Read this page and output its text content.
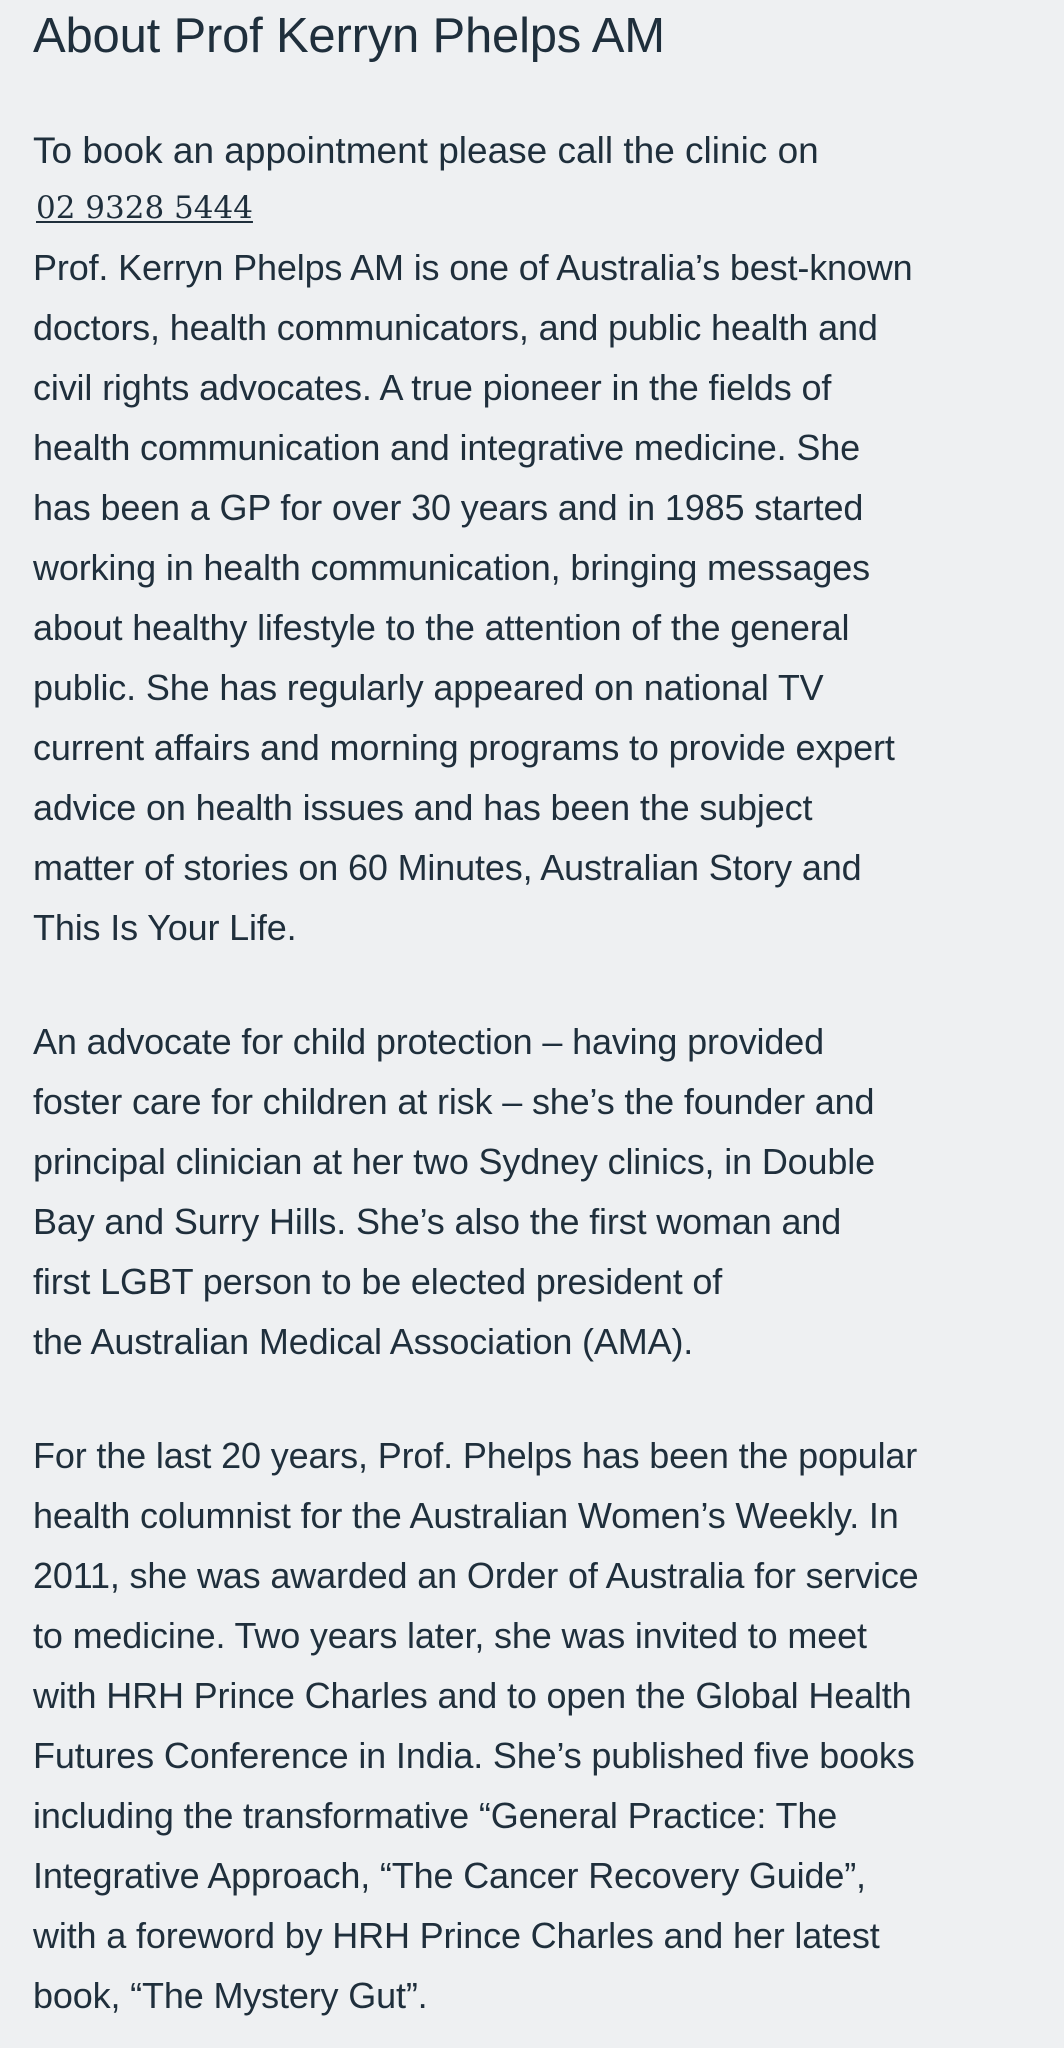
About Prof Kerryn Phelps AM
To book an appointment please call the clinic on
02 9328 5444

Prof. Kerryn Phelps AM is one of Australia’s best-known
doctors, health communicators, and public health and
civil rights advocates. A true pioneer in the fields of
health communication and integrative medicine. She
has been a GP for over 30 years and in 1985 started
working in health communication, bringing messages
about healthy lifestyle to the attention of the general
public. She has regularly appeared on national TV
current affairs and morning programs to provide expert
advice on health issues and has been the subject
matter of stories on 60 Minutes, Australian Story and
This Is Your Life.

An advocate for child protection – having provided
foster care for children at risk – she’s the founder and
principal clinician at her two Sydney clinics, in Double
Bay and Surry Hills. She’s also the first woman and
first LGBT person to be elected president of
the Australian Medical Association (AMA).

For the last 20 years, Prof. Phelps has been the popular
health columnist for the Australian Women’s Weekly. In
2011, she was awarded an Order of Australia for service
to medicine. Two years later, she was invited to meet
with HRH Prince Charles and to open the Global Health
Futures Conference in India. She’s published five books
including the transformative “General Practice: The
Integrative Approach, “The Cancer Recovery Guide”,
with a foreword by HRH Prince Charles and her latest
book, “The Mystery Gut”.
